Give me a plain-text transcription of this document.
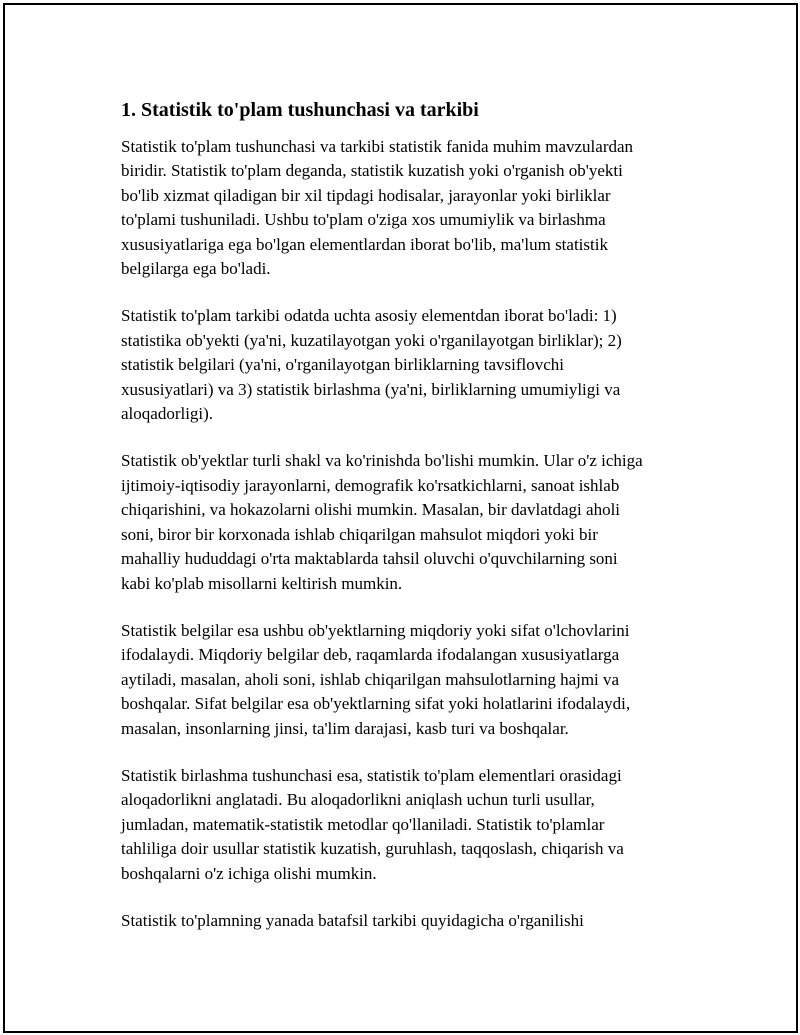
1. Statistik to'plam tushunchasi va tarkibi

Statistik to'plam tushunchasi va tarkibi statistik fanida muhim mavzulardan
biridir. Statistik to'plam deganda, statistik kuzatish yoki o'rganish ob'yekti
bo'lib xizmat qiladigan bir xil tipdagi hodisalar, jarayonlar yoki birliklar
to'plami tushuniladi. Ushbu to'plam o'ziga xos umumiylik va birlashma
xususiyatlariga ega bo'lgan elementlardan iborat bo'lib, ma'lum statistik
belgilarga ega bo'ladi.

Statistik to'plam tarkibi odatda uchta asosiy elementdan iborat bo'ladi: 1)
statistika ob'yekti (ya'ni, kuzatilayotgan yoki o'rganilayotgan birliklar); 2)
statistik belgilari (ya'ni, o'rganilayotgan birliklarning tavsiflovchi
xususiyatlari) va 3) statistik birlashma (ya'ni, birliklarning umumiyligi va
aloqadorligi).

Statistik ob'yektlar turli shakl va ko'rinishda bo'lishi mumkin. Ular o'z ichiga
ijtimoiy-iqtisodiy jarayonlarni, demografik ko'rsatkichlarni, sanoat ishlab
chiqarishini, va hokazolarni olishi mumkin. Masalan, bir davlatdagi aholi
soni, biror bir korxonada ishlab chiqarilgan mahsulot miqdori yoki bir
mahalliy hududdagi o'rta maktablarda tahsil oluvchi o'quvchilarning soni
kabi ko'plab misollarni keltirish mumkin.

Statistik belgilar esa ushbu ob'yektlarning miqdoriy yoki sifat o'lchovlarini
ifodalaydi. Miqdoriy belgilar deb, raqamlarda ifodalangan xususiyatlarga
aytiladi, masalan, aholi soni, ishlab chiqarilgan mahsulotlarning hajmi va
boshqalar. Sifat belgilar esa ob'yektlarning sifat yoki holatlarini ifodalaydi,
masalan, insonlarning jinsi, ta'lim darajasi, kasb turi va boshqalar.

Statistik birlashma tushunchasi esa, statistik to'plam elementlari orasidagi
aloqadorlikni anglatadi. Bu aloqadorlikni aniqlash uchun turli usullar,
jumladan, matematik-statistik metodlar qo'llaniladi. Statistik to'plamlar
tahliliga doir usullar statistik kuzatish, guruhlash, taqqoslash, chiqarish va
boshqalarni o'z ichiga olishi mumkin.

Statistik to'plamning yanada batafsil tarkibi quyidagicha o'rganilishi
